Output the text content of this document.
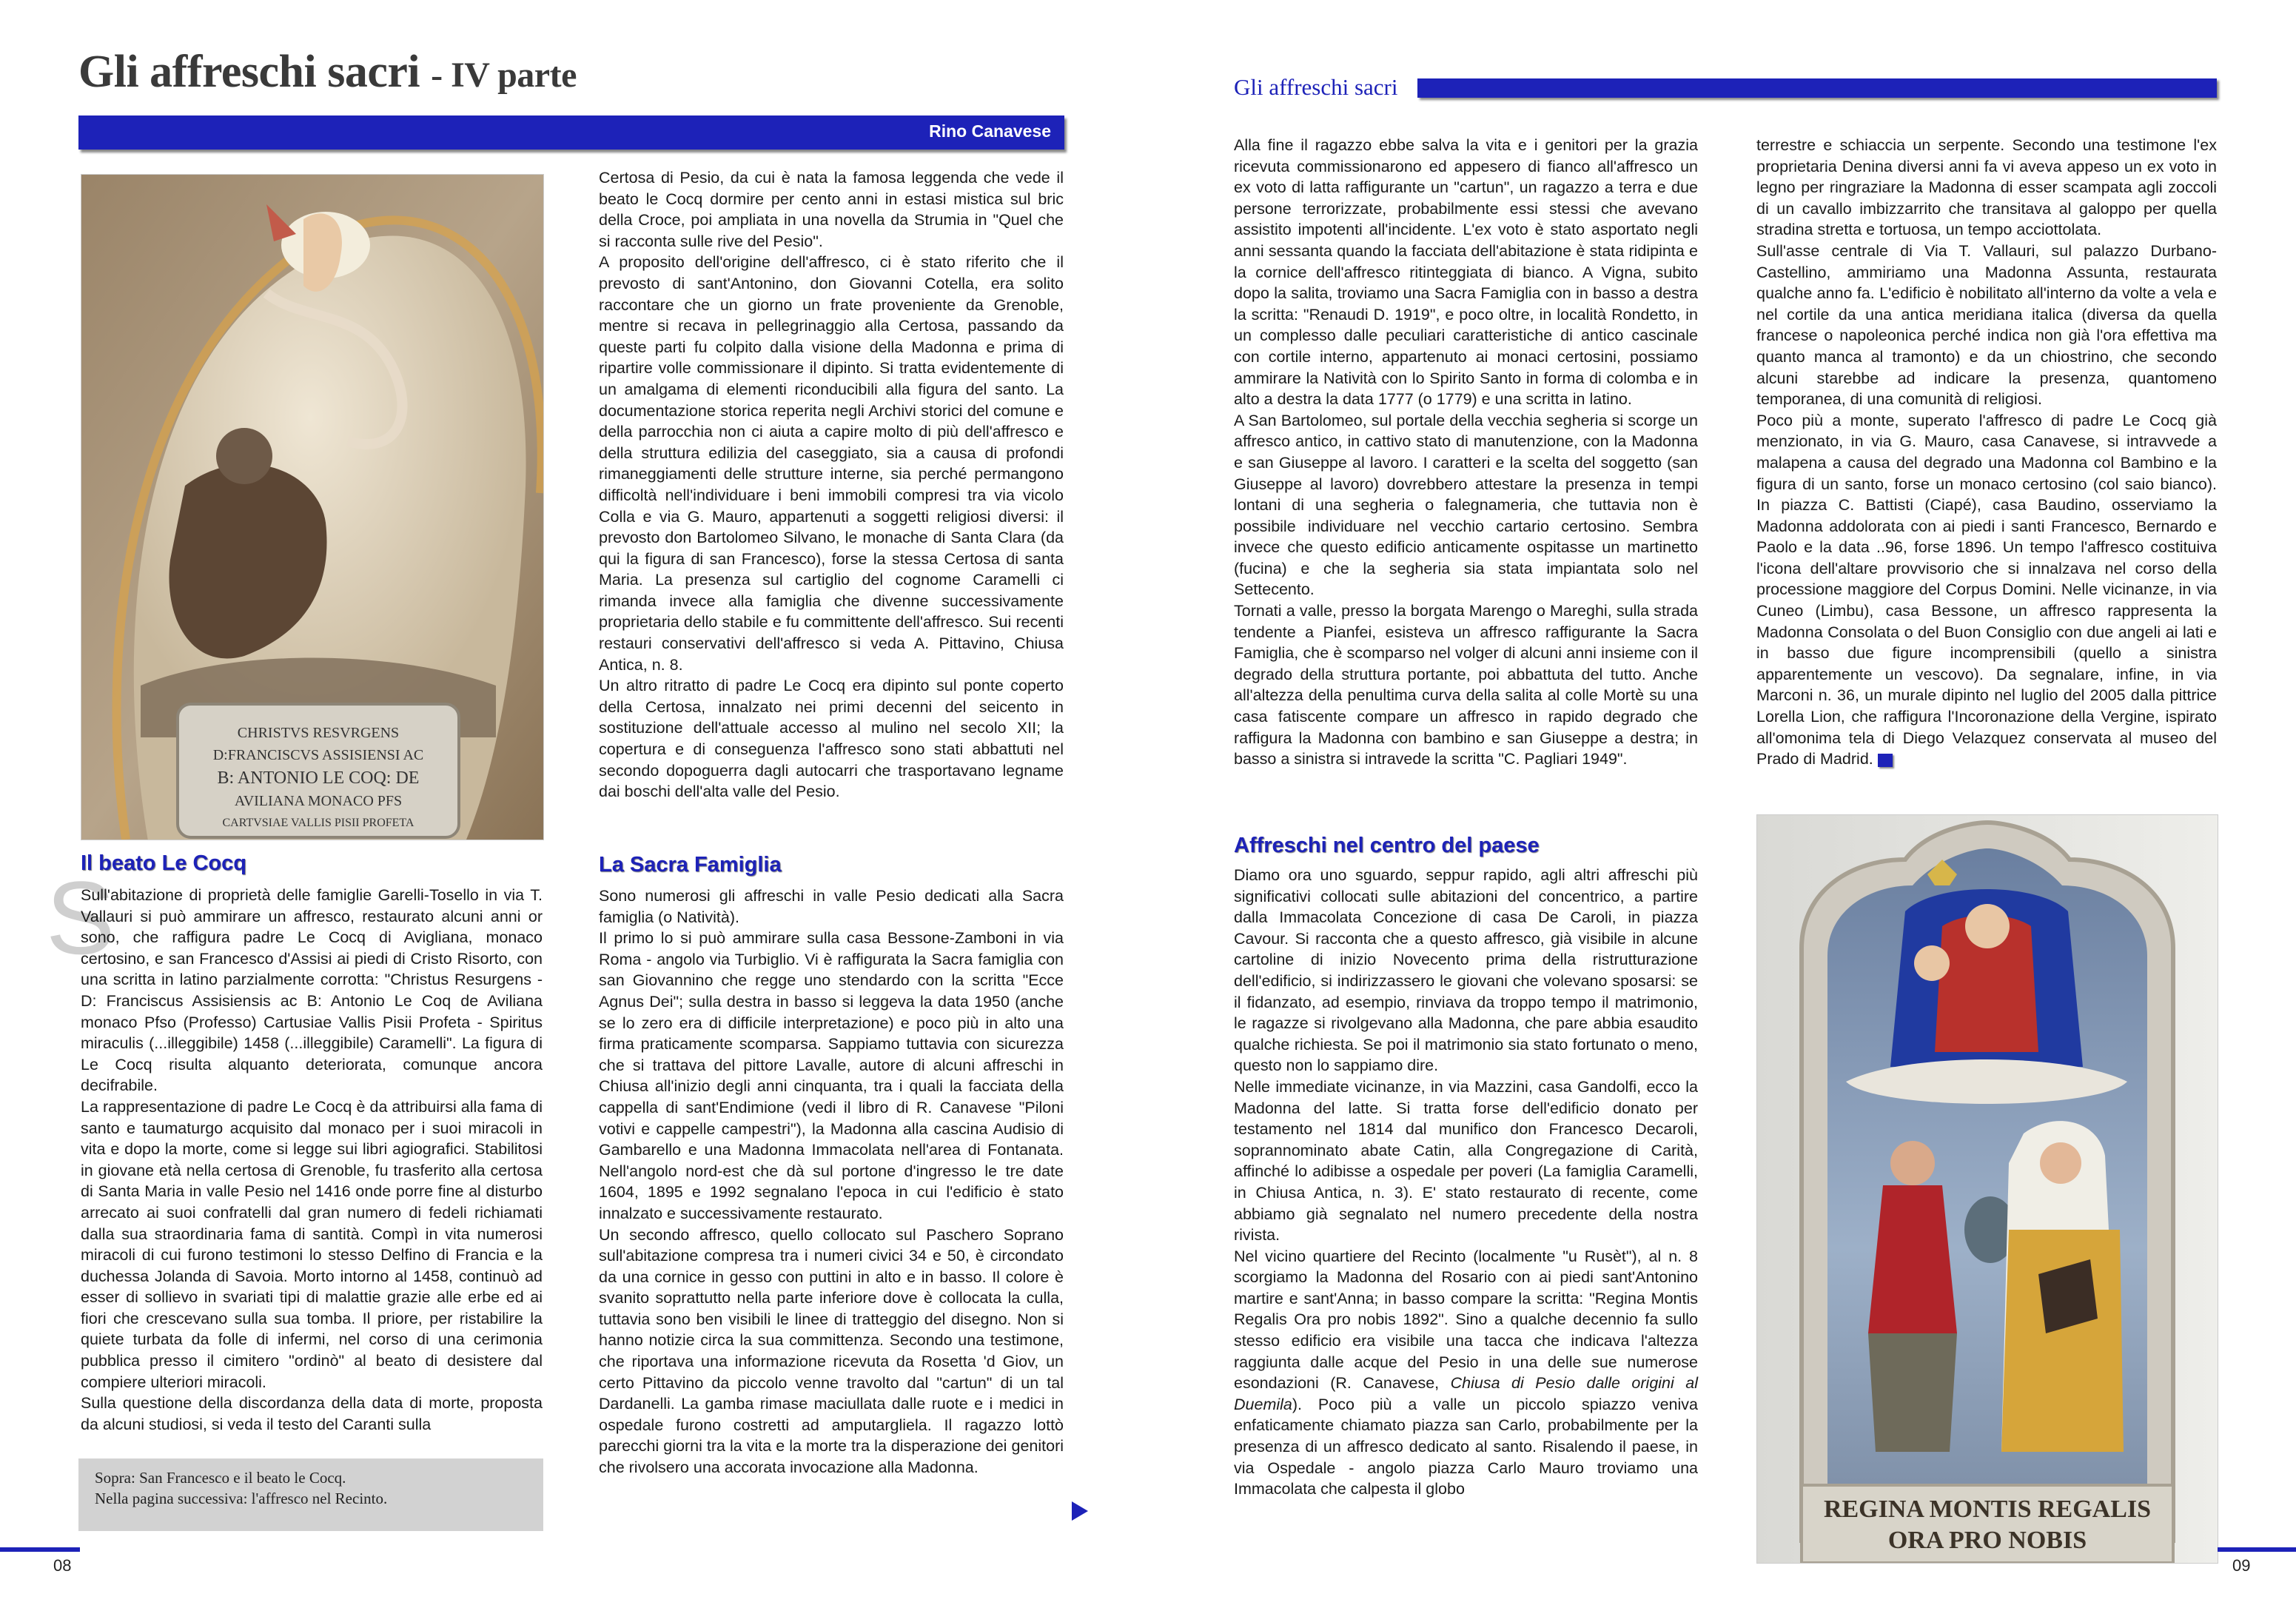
Gli affreschi sacri - IV parte
Rino Canavese
CHRISTVS RESVRGENS
D:FRANCISCVS ASSISIENSI AC
B: ANTONIO LE COQ: DE
AVILIANA MONACO PFS
CARTVSIAE VALLIS PISII PROFETA
Il beato Le Cocq
S
Sull'abitazione di proprietà delle famiglie Garelli-Tosello in via T. Vallauri si può ammirare un affresco, restaurato alcuni anni or sono, che raffigura padre Le Cocq di Avigliana, monaco certosino, e san Francesco d'Assisi ai piedi di Cristo Risorto, con una scritta in latino parzialmente corrotta: "Christus Resurgens - D: Franciscus Assisiensis ac B: Antonio Le Coq de Aviliana monaco Pfso (Professo) Cartusiae Vallis Pisii Profeta - Spiritus miraculis (...illeggibile) 1458 (...illeggibile) Caramelli". La figura di Le Cocq risulta alquanto deteriorata, comunque ancora decifrabile.
La rappresentazione di padre Le Cocq è da attribuirsi alla fama di santo e taumaturgo acquisito dal monaco per i suoi miracoli in vita e dopo la morte, come si legge sui libri agiografici. Stabilitosi in giovane età nella certosa di Grenoble, fu trasferito alla certosa di Santa Maria in valle Pesio nel 1416 onde porre fine al disturbo arrecato ai suoi confratelli dal gran numero di fedeli richiamati dalla sua straordinaria fama di santità. Compì in vita numerosi miracoli di cui furono testimoni lo stesso Delfino di Francia e la duchessa Jolanda di Savoia. Morto intorno al 1458, continuò ad esser di sollievo in svariati tipi di malattie grazie alle erbe ed ai fiori che crescevano sulla sua tomba. Il priore, per ristabilire la quiete turbata da folle di infermi, nel corso di una cerimonia pubblica presso il cimitero "ordinò" al beato di desistere dal compiere ulteriori miracoli.
Sulla questione della discordanza della data di morte, proposta da alcuni studiosi, si veda il testo del Caranti sulla
Sopra: San Francesco e il beato le Cocq.
Nella pagina successiva: l'affresco nel Recinto.
Certosa di Pesio, da cui è nata la famosa leggenda che vede il beato le Cocq dormire per cento anni in estasi mistica sul bric della Croce, poi ampliata in una novella da Strumia in "Quel che si racconta sulle rive del Pesio".
A proposito dell'origine dell'affresco, ci è stato riferito che il prevosto di sant'Antonino, don Giovanni Cotella, era solito raccontare che un giorno un frate proveniente da Grenoble, mentre si recava in pellegrinaggio alla Certosa, passando da queste parti fu colpito dalla visione della Madonna e prima di ripartire volle commissionare il dipinto. Si tratta evidentemente di un amalgama di elementi riconducibili alla figura del santo. La documentazione storica reperita negli Archivi storici del comune e della parrocchia non ci aiuta a capire molto di più dell'affresco e della struttura edilizia del caseggiato, sia a causa di profondi rimaneggiamenti delle strutture interne, sia perché permangono difficoltà nell'individuare i beni immobili compresi tra via vicolo Colla e via G. Mauro, appartenuti a soggetti religiosi diversi: il prevosto don Bartolomeo Silvano, le monache di Santa Clara (da qui la figura di san Francesco), forse la stessa Certosa di santa Maria. La presenza sul cartiglio del cognome Caramelli ci rimanda invece alla famiglia che divenne successivamente proprietaria dello stabile e fu committente dell'affresco. Sui recenti restauri conservativi dell'affresco si veda A. Pittavino, Chiusa Antica, n. 8.
Un altro ritratto di padre Le Cocq era dipinto sul ponte coperto della Certosa, innalzato nei primi decenni del seicento in sostituzione dell'attuale accesso al mulino nel secolo XII; la copertura e di conseguenza l'affresco sono stati abbattuti nel secondo dopoguerra dagli autocarri che trasportavano legname dai boschi dell'alta valle del Pesio.
La Sacra Famiglia
Sono numerosi gli affreschi in valle Pesio dedicati alla Sacra famiglia (o Natività).
Il primo lo si può ammirare sulla casa Bessone-Zamboni in via Roma - angolo via Turbiglio. Vi è raffigurata la Sacra famiglia con san Giovannino che regge uno stendardo con la scritta "Ecce Agnus Dei"; sulla destra in basso si leggeva la data 1950 (anche se lo zero era di difficile interpretazione) e poco più in alto una firma praticamente scomparsa. Sappiamo tuttavia con sicurezza che si trattava del pittore Lavalle, autore di alcuni affreschi in Chiusa all'inizio degli anni cinquanta, tra i quali la facciata della cappella di sant'Endimione (vedi il libro di R. Canavese "Piloni votivi e cappelle campestri"), la Madonna alla cascina Audisio di Gambarello e una Madonna Immacolata nell'area di Fontanata. Nell'angolo nord-est che dà sul portone d'ingresso le tre date 1604, 1895 e 1992 segnalano l'epoca in cui l'edificio è stato innalzato e successivamente restaurato.
Un secondo affresco, quello collocato sul Paschero Soprano sull'abitazione compresa tra i numeri civici 34 e 50, è circondato da una cornice in gesso con puttini in alto e in basso. Il colore è svanito soprattutto nella parte inferiore dove è collocata la culla, tuttavia sono ben visibili le linee di tratteggio del disegno. Non si hanno notizie circa la sua committenza. Secondo una testimone, che riportava una informazione ricevuta da Rosetta 'd Giov, un certo Pittavino da piccolo venne travolto dal "cartun" di un tal Dardanelli. La gamba rimase maciullata dalle ruote e i medici in ospedale furono costretti ad amputargliela. Il ragazzo lottò parecchi giorni tra la vita e la morte tra la disperazione dei genitori che rivolsero una accorata invocazione alla Madonna.
08
Gli affreschi sacri
Alla fine il ragazzo ebbe salva la vita e i genitori per la grazia ricevuta commissionarono ed appesero di fianco all'affresco un ex voto di latta raffigurante un "cartun", un ragazzo a terra e due persone terrorizzate, probabilmente essi stessi che avevano assistito impotenti all'incidente. L'ex voto è stato asportato negli anni sessanta quando la facciata dell'abitazione è stata ridipinta e la cornice dell'affresco ritinteggiata di bianco. A Vigna, subito dopo la salita, troviamo una Sacra Famiglia con in basso a destra la scritta: "Renaudi D. 1919", e poco oltre, in località Rondetto, in un complesso dalle peculiari caratteristiche di antico cascinale con cortile interno, appartenuto ai monaci certosini, possiamo ammirare la Natività con lo Spirito Santo in forma di colomba e in alto a destra la data 1777 (o 1779) e una scritta in latino.
A San Bartolomeo, sul portale della vecchia segheria si scorge un affresco antico, in cattivo stato di manutenzione, con la Madonna e san Giuseppe al lavoro. I caratteri e la scelta del soggetto (san Giuseppe al lavoro) dovrebbero attestare la presenza in tempi lontani di una segheria o falegnameria, che tuttavia non è possibile individuare nel vecchio cartario certosino. Sembra invece che questo edificio anticamente ospitasse un martinetto (fucina) e che la segheria sia stata impiantata solo nel Settecento.
Tornati a valle, presso la borgata Marengo o Mareghi, sulla strada tendente a Pianfei, esisteva un affresco raffigurante la Sacra Famiglia, che è scomparso nel volger di alcuni anni insieme con il degrado della struttura portante, poi abbattuta del tutto. Anche all'altezza della penultima curva della salita al colle Mortè su una casa fatiscente compare un affresco in rapido degrado che raffigura la Madonna con bambino e san Giuseppe a destra; in basso a sinistra si intravede la scritta "C. Pagliari 1949".
Affreschi nel centro del paese
Diamo ora uno sguardo, seppur rapido, agli altri affreschi più significativi collocati sulle abitazioni del concentrico, a partire dalla Immacolata Concezione di casa De Caroli, in piazza Cavour. Si racconta che a questo affresco, già visibile in alcune cartoline di inizio Novecento prima della ristrutturazione dell'edificio, si indirizzassero le giovani che volevano sposarsi: se il fidanzato, ad esempio, rinviava da troppo tempo il matrimonio, le ragazze si rivolgevano alla Madonna, che pare abbia esaudito qualche richiesta. Se poi il matrimonio sia stato fortunato o meno, questo non lo sappiamo dire.
Nelle immediate vicinanze, in via Mazzini, casa Gandolfi, ecco la Madonna del latte. Si tratta forse dell'edificio donato per testamento nel 1814 dal munifico don Francesco Decaroli, soprannominato abate Catin, alla Congregazione di Carità, affinché lo adibisse a ospedale per poveri (La famiglia Caramelli, in Chiusa Antica, n. 3). E' stato restaurato di recente, come abbiamo già segnalato nel numero precedente della nostra rivista.
Nel vicino quartiere del Recinto (localmente "u Rusèt"), al n. 8 scorgiamo la Madonna del Rosario con ai piedi sant'Antonino martire e sant'Anna; in basso compare la scritta: "Regina Montis Regalis Ora pro nobis 1892". Sino a qualche decennio fa sullo stesso edificio era visibile una tacca che indicava l'altezza raggiunta dalle acque del Pesio in una delle sue numerose esondazioni (R. Canavese, Chiusa di Pesio dalle origini al Duemila). Poco più a valle un piccolo spiazzo veniva enfaticamente chiamato piazza san Carlo, probabilmente per la presenza di un affresco dedicato al santo. Risalendo il paese, in via Ospedale - angolo piazza Carlo Mauro troviamo una Immacolata che calpesta il globo
terrestre e schiaccia un serpente. Secondo una testimone l'ex proprietaria Denina diversi anni fa vi aveva appeso un ex voto in legno per ringraziare la Madonna di esser scampata agli zoccoli di un cavallo imbizzarrito che transitava al galoppo per quella stradina stretta e tortuosa, un tempo acciottolata.
Sull'asse centrale di Via T. Vallauri, sul palazzo Durbano-Castellino, ammiriamo una Madonna Assunta, restaurata qualche anno fa. L'edificio è nobilitato all'interno da volte a vela e nel cortile da una antica meridiana italica (diversa da quella francese o napoleonica perché indica non già l'ora effettiva ma quanto manca al tramonto) e da un chiostrino, che secondo alcuni starebbe ad indicare la presenza, quantomeno temporanea, di una comunità di religiosi.
Poco più a monte, superato l'affresco di padre Le Cocq già menzionato, in via G. Mauro, casa Canavese, si intravvede a malapena a causa del degrado una Madonna col Bambino e la figura di un santo, forse un monaco certosino (col saio bianco). In piazza C. Battisti (Ciapé), casa Baudino, osserviamo la Madonna addolorata con ai piedi i santi Francesco, Bernardo e Paolo e la data ..96, forse 1896. Un tempo l'affresco costituiva l'icona dell'altare provvisorio che si innalzava nel corso della processione maggiore del Corpus Domini. Nelle vicinanze, in via Cuneo (Limbu), casa Bessone, un affresco rappresenta la Madonna Consolata o del Buon Consiglio con due angeli ai lati e in basso due figure incomprensibili (quello a sinistra apparentemente un vescovo). Da segnalare, infine, in via Marconi n. 36, un murale dipinto nel luglio del 2005 dalla pittrice Lorella Lion, che raffigura l'Incoronazione della Vergine, ispirato all'omonima tela di Diego Velazquez conservata al museo del Prado di Madrid.
REGINA MONTIS REGALIS
ORA PRO NOBIS
09
